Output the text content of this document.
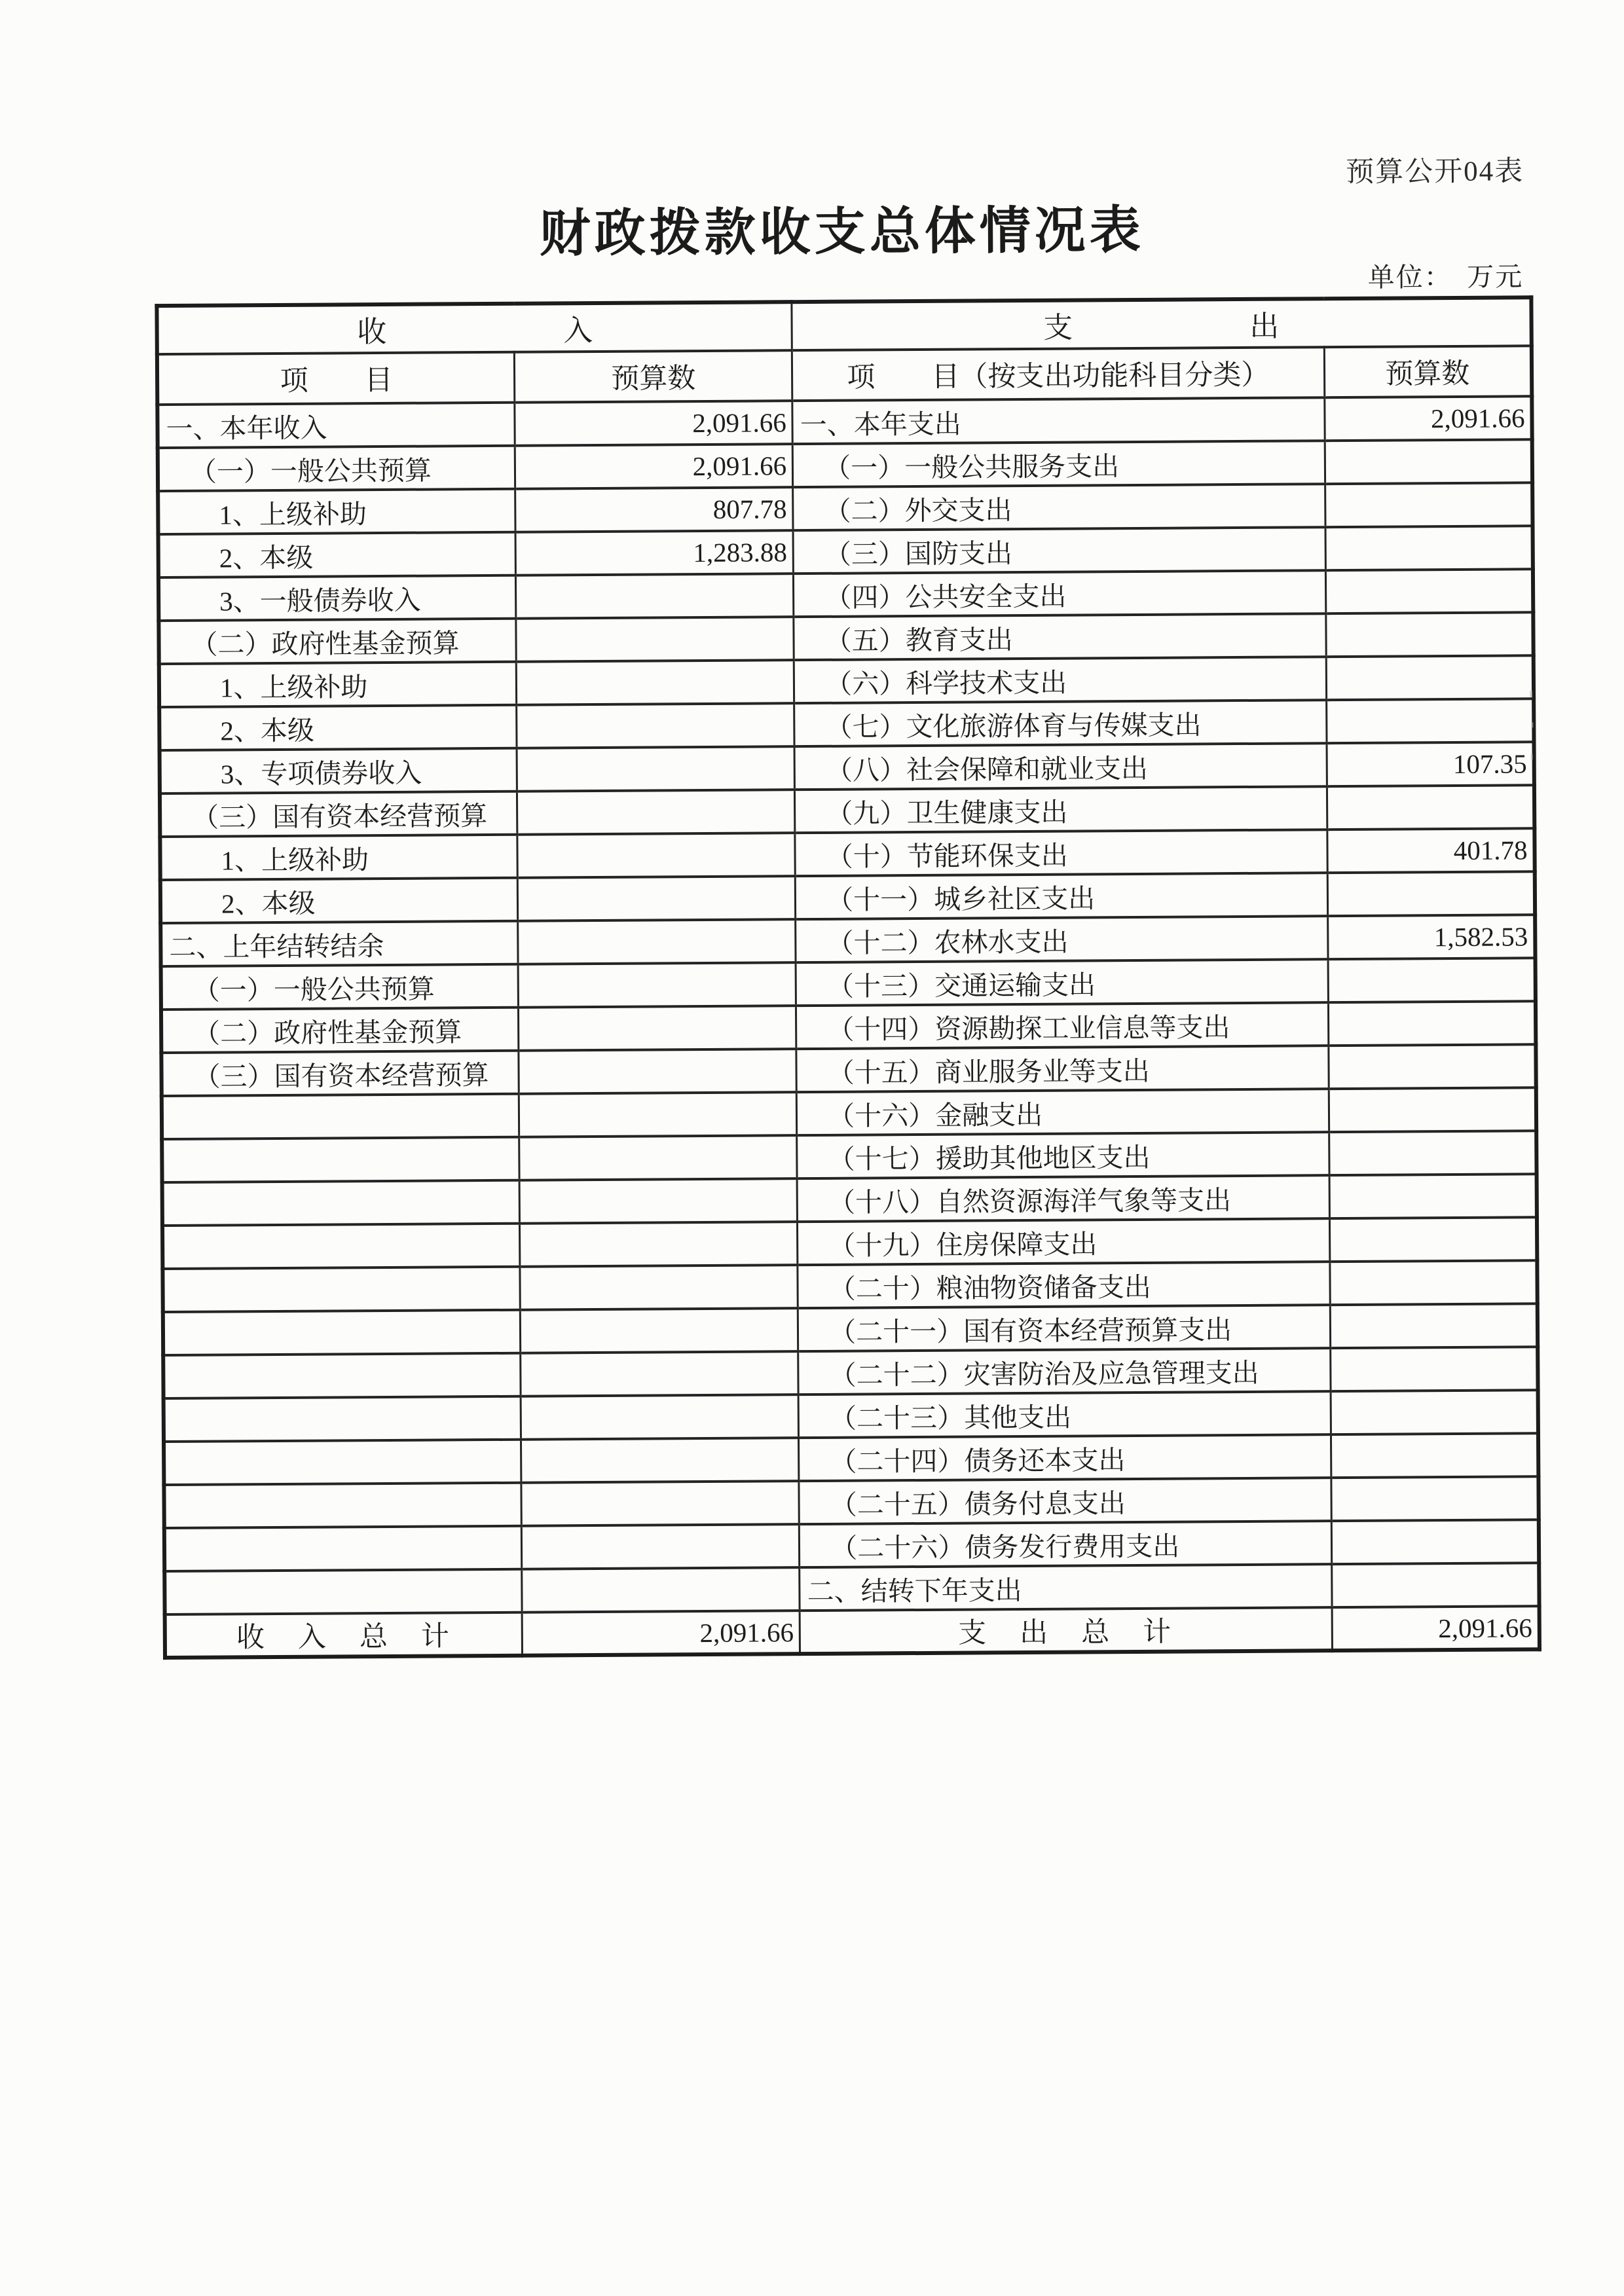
预算公开04表
财政拨款收支总体情况表
单位：　万元
收　　　　　　入		支　　　　　　出	
项　　目	预算数	项　　目（按支出功能科目分类）	预算数
一、本年收入	2,091.66	一、本年支出	2,091.66
（一）一般公共预算	2,091.66	（一）一般公共服务支出	
1、上级补助	807.78	（二）外交支出	
2、本级	1,283.88	（三）国防支出	
3、一般债券收入		（四）公共安全支出	
（二）政府性基金预算		（五）教育支出	
1、上级补助		（六）科学技术支出	
2、本级		（七）文化旅游体育与传媒支出	
3、专项债券收入		（八）社会保障和就业支出	107.35
（三）国有资本经营预算		（九）卫生健康支出	
1、上级补助		（十）节能环保支出	401.78
2、本级		（十一）城乡社区支出	
二、上年结转结余		（十二）农林水支出	1,582.53
（一）一般公共预算		（十三）交通运输支出	
（二）政府性基金预算		（十四）资源勘探工业信息等支出	
（三）国有资本经营预算		（十五）商业服务业等支出	
		（十六）金融支出	
		（十七）援助其他地区支出	
		（十八）自然资源海洋气象等支出	
		（十九）住房保障支出	
		（二十）粮油物资储备支出	
		（二十一）国有资本经营预算支出	
		（二十二）灾害防治及应急管理支出	
		（二十三）其他支出	
		（二十四）债务还本支出	
		（二十五）债务付息支出	
		（二十六）债务发行费用支出	
		二、结转下年支出	
收　入　总　计	2,091.66	支　出　总　计	2,091.66
